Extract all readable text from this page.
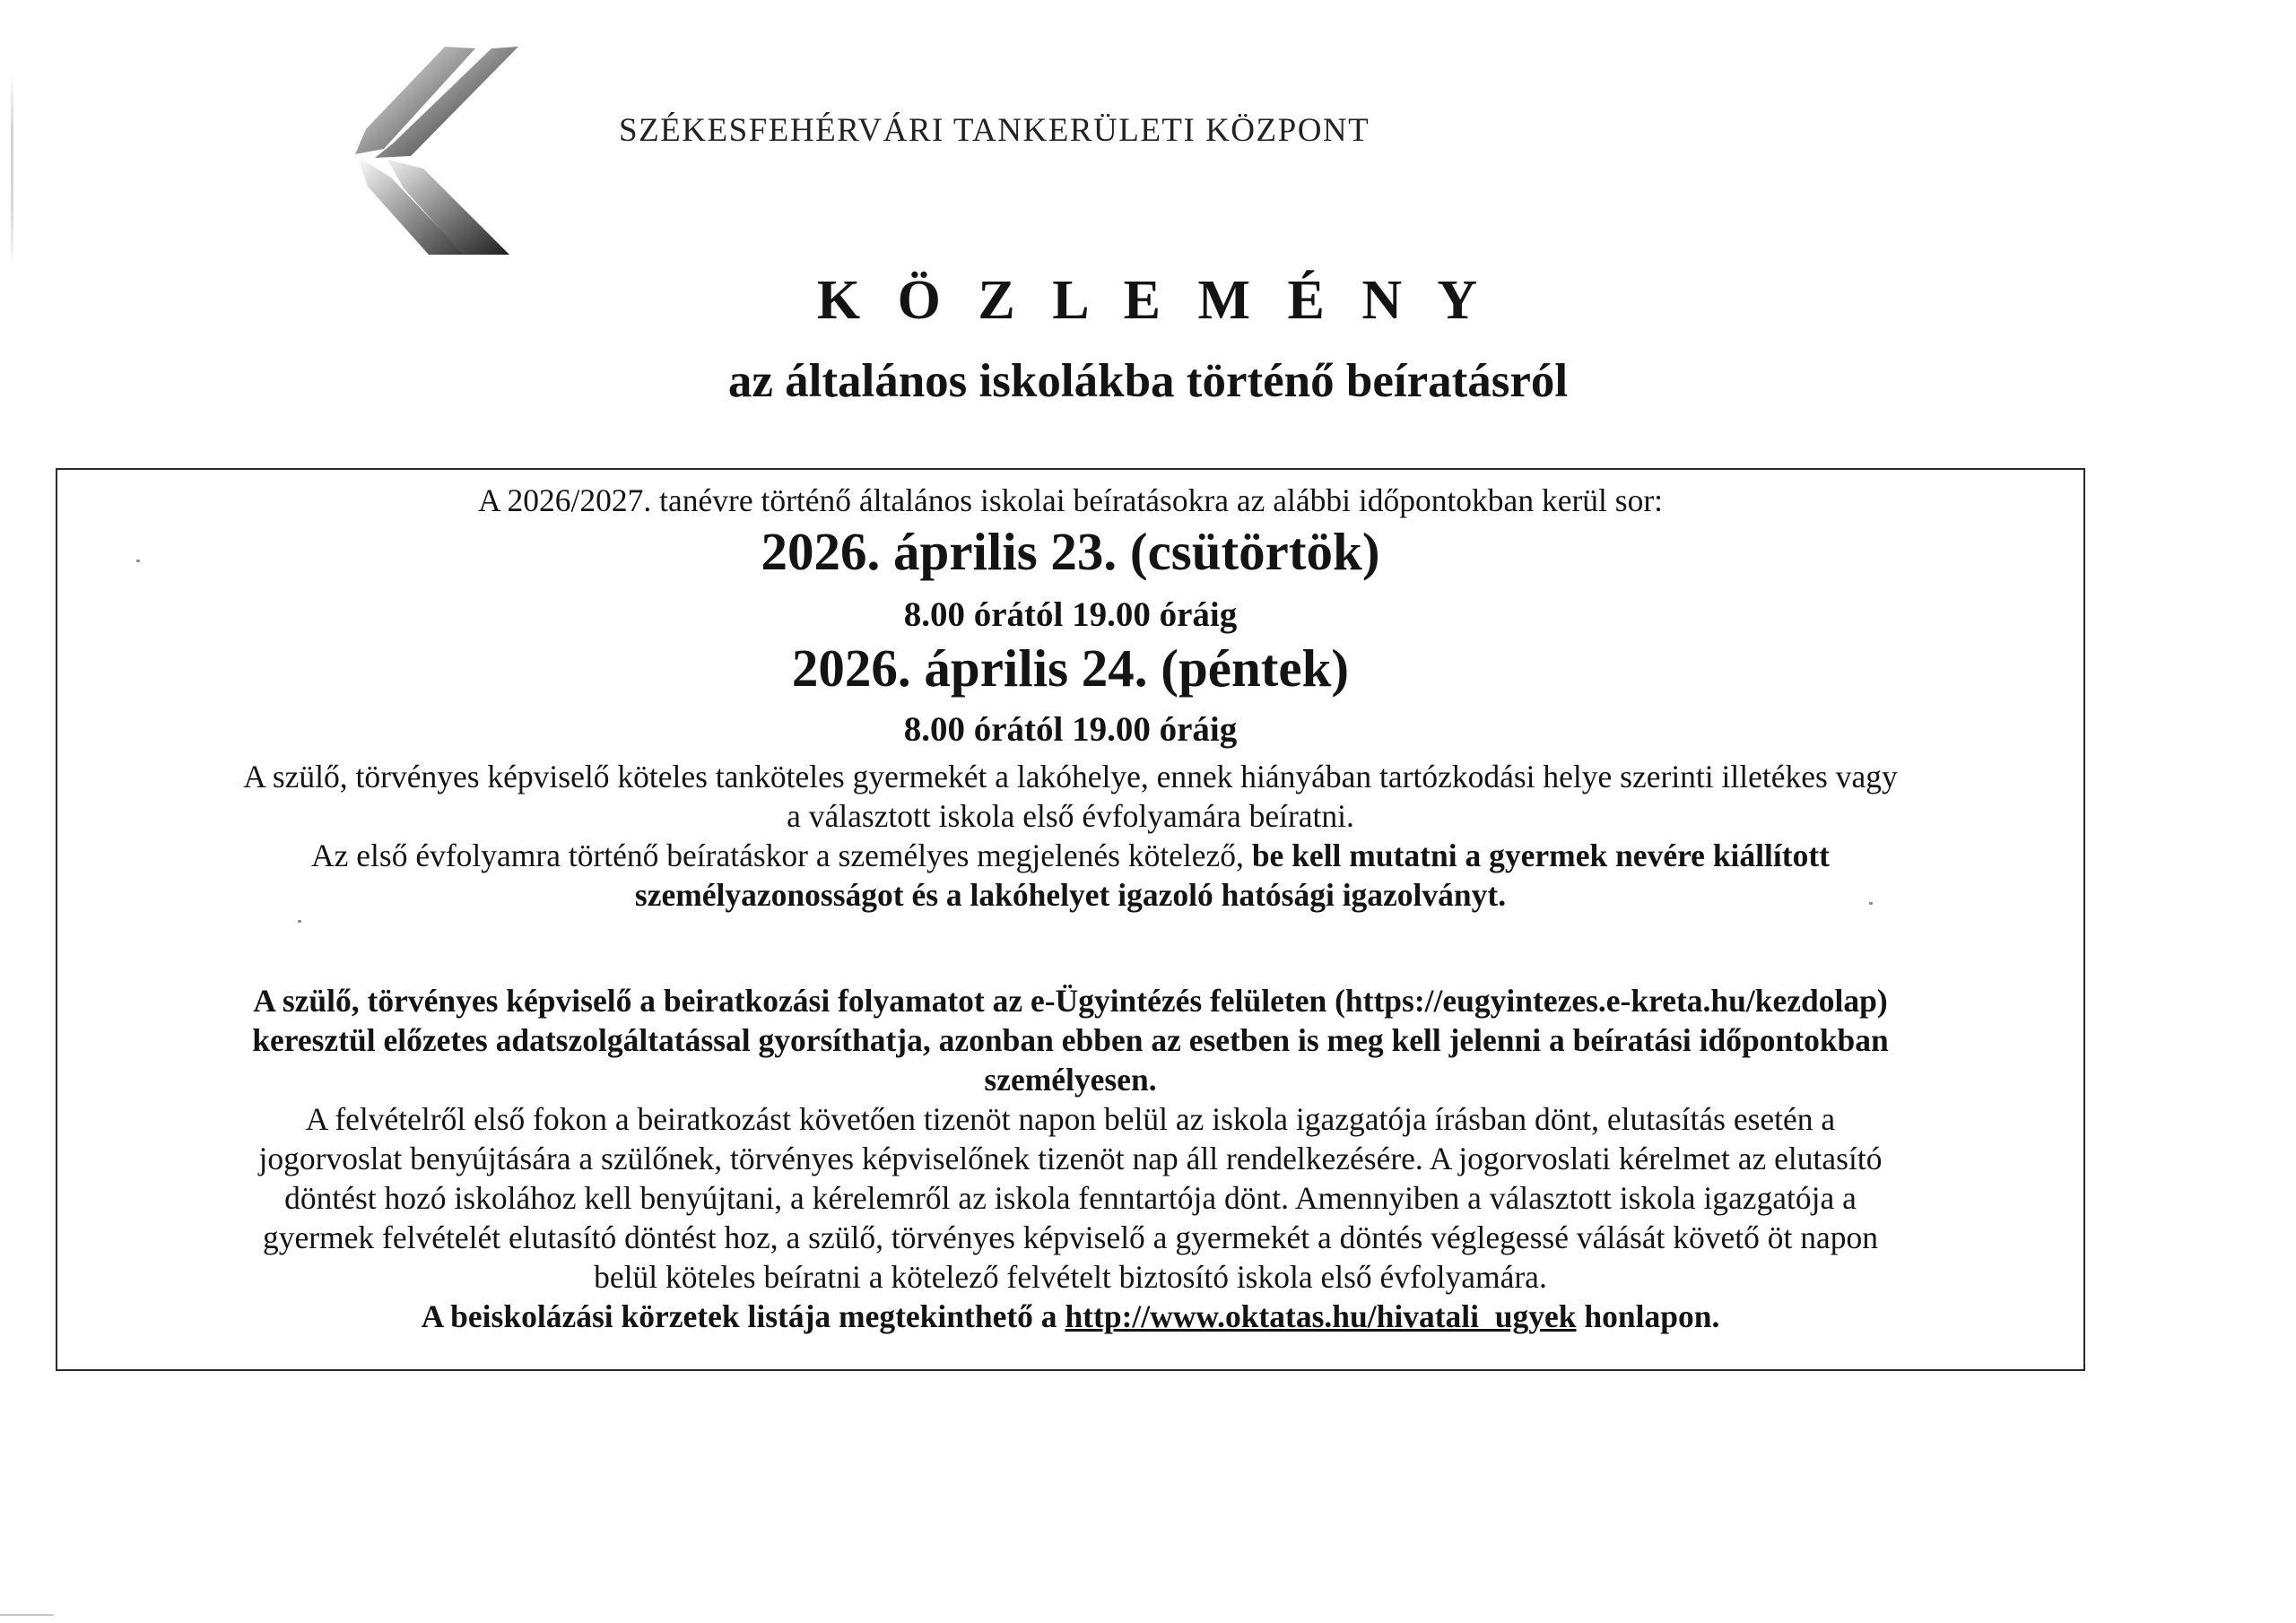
SZÉKESFEHÉRVÁRI TANKERÜLETI KÖZPONT
K Ö Z L E M É N Y
az általános iskolákba történő beíratásról
A 2026/2027. tanévre történő általános iskolai beíratásokra az alábbi időpontokban kerül sor:
2026. április 23. (csütörtök)
8.00 órától 19.00 óráig
2026. április 24. (péntek)
8.00 órától 19.00 óráig
A szülő, törvényes képviselő köteles tanköteles gyermekét a lakóhelye, ennek hiányában tartózkodási helye szerinti illetékes vagy
a választott iskola első évfolyamára beíratni.
Az első évfolyamra történő beíratáskor a személyes megjelenés kötelező, be kell mutatni a gyermek nevére kiállított
személyazonosságot és a lakóhelyet igazoló hatósági igazolványt.
A szülő, törvényes képviselő a beiratkozási folyamatot az e-Ügyintézés felületen (https://eugyintezes.e-kreta.hu/kezdolap)
keresztül előzetes adatszolgáltatással gyorsíthatja, azonban ebben az esetben is meg kell jelenni a beíratási időpontokban
személyesen.
A felvételről első fokon a beiratkozást követően tizenöt napon belül az iskola igazgatója írásban dönt, elutasítás esetén a
jogorvoslat benyújtására a szülőnek, törvényes képviselőnek tizenöt nap áll rendelkezésére. A jogorvoslati kérelmet az elutasító
döntést hozó iskolához kell benyújtani, a kérelemről az iskola fenntartója dönt. Amennyiben a választott iskola igazgatója a
gyermek felvételét elutasító döntést hoz, a szülő, törvényes képviselő a gyermekét a döntés véglegessé válását követő öt napon
belül köteles beíratni a kötelező felvételt biztosító iskola első évfolyamára.
A beiskolázási körzetek listája megtekinthető a http://www.oktatas.hu/hivatali_ugyek honlapon.
